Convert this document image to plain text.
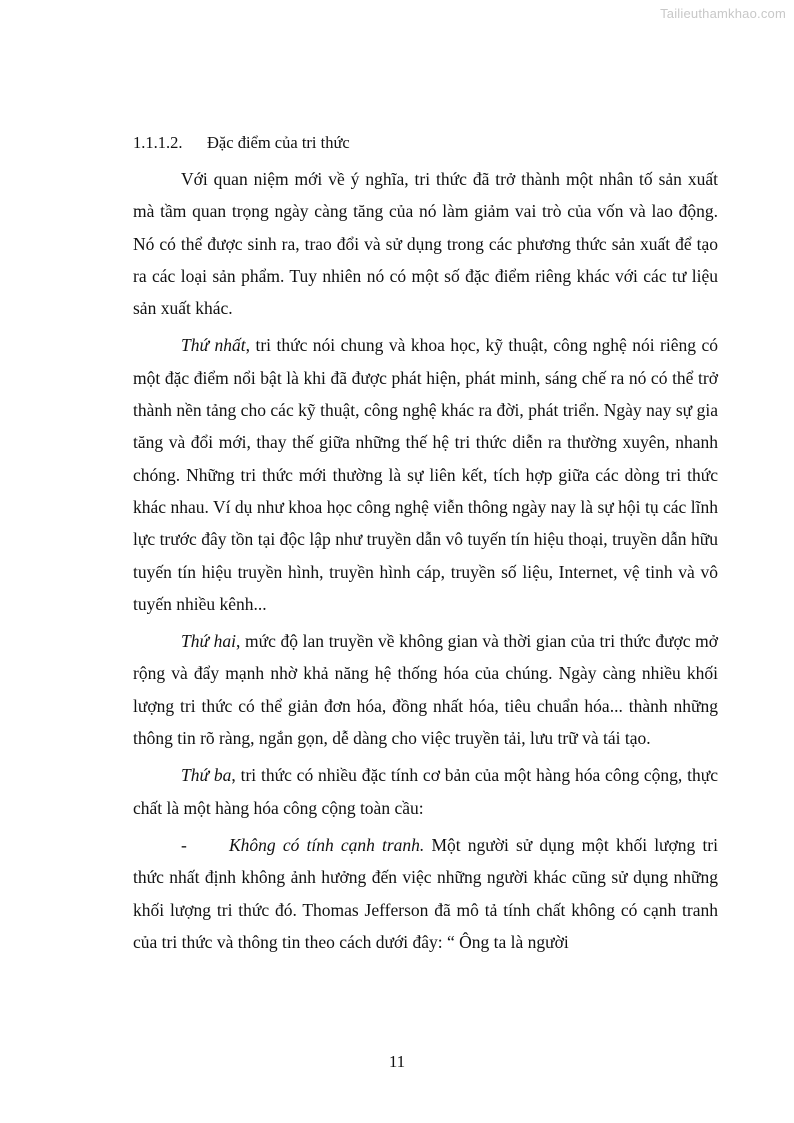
Tailieuthamkhao.com
1.1.1.2.	Đặc điểm của tri thức

Với quan niệm mới về ý nghĩa, tri thức đã trở thành một nhân tố sản xuất mà tầm quan trọng ngày càng tăng của nó làm giảm vai trò của vốn và lao động. Nó có thể được sinh ra, trao đổi và sử dụng trong các phương thức sản xuất để tạo ra các loại sản phẩm. Tuy nhiên nó có một số đặc điểm riêng khác với các tư liệu sản xuất khác.

Thứ nhất, tri thức nói chung và khoa học, kỹ thuật, công nghệ nói riêng có một đặc điểm nổi bật là khi đã được phát hiện, phát minh, sáng chế ra nó có thể trở thành nền tảng cho các kỹ thuật, công nghệ khác ra đời, phát triển. Ngày nay sự gia tăng và đổi mới, thay thế giữa những thế hệ tri thức diễn ra thường xuyên, nhanh chóng. Những tri thức mới thường là sự liên kết, tích hợp giữa các dòng tri thức khác nhau. Ví dụ như khoa học công nghệ viễn thông ngày nay là sự hội tụ các lĩnh lực trước đây tồn tại độc lập như truyền dẫn vô tuyến tín hiệu thoại, truyền dẫn hữu tuyến tín hiệu truyền hình, truyền hình cáp, truyền số liệu, Internet, vệ tinh và vô tuyến nhiều kênh...

Thứ hai, mức độ lan truyền về không gian và thời gian của tri thức được mở rộng và đẩy mạnh nhờ khả năng hệ thống hóa của chúng. Ngày càng nhiều khối lượng tri thức có thể giản đơn hóa, đồng nhất hóa, tiêu chuẩn hóa... thành những thông tin rõ ràng, ngắn gọn, dễ dàng cho việc truyền tải, lưu trữ và tái tạo.

Thứ ba, tri thức có nhiều đặc tính cơ bản của một hàng hóa công cộng, thực chất là một hàng hóa công cộng toàn cầu:

- Không có tính cạnh tranh. Một người sử dụng một khối lượng tri thức nhất định không ảnh hưởng đến việc những người khác cũng sử dụng những khối lượng tri thức đó. Thomas Jefferson đã mô tả tính chất không có cạnh tranh của tri thức và thông tin theo cách dưới đây: “ Ông ta là người

11
